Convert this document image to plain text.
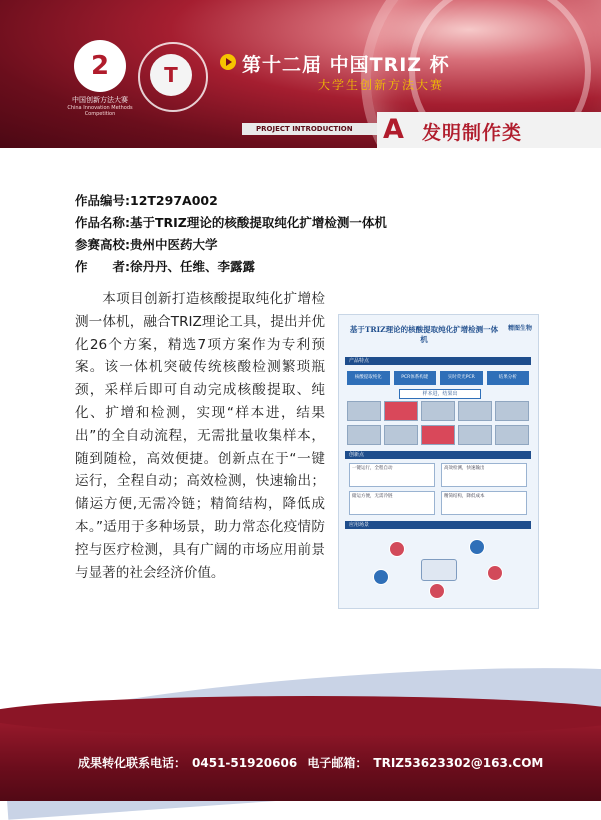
2
中国创新方法大赛
China Innovation Methods Competition
T	第十二届 中国TRIZ 杯
大学生创新方法大赛
PROJECT INTRODUCTION	A 发明制作类
作品编号:12T297A002
作品名称:基于TRIZ理论的核酸提取纯化扩增检测一体机
参赛高校:贵州中医药大学
作　　者:徐丹丹、任维、李露露
本项目创新打造核酸提取纯化扩增检测一体机，融合TRIZ理论工具，提出并优化26个方案，精选7项方案作为专利预案。该一体机突破传统核酸检测繁琐瓶颈，采样后即可自动完成核酸提取、纯化、扩增和检测，实现“样本进，结果出”的全自动流程，无需批量收集样本，随到随检，高效便捷。创新点在于“一键运行，全程自动；高效检测，快速输出；储运方便,无需冷链；精简结构，降低成本。”适用于多种场景，助力常态化疫情防控与医疗检测，具有广阔的市场应用前景与显著的社会经济价值。
基于TRIZ理论的核酸提取纯化扩增检测一体机
精图生物
产品特点
核酸提取纯化	PCR体系构建	实时荧光PCR	结果分析
样本进，结果出
创新点
一键运行，全程自动	高效检测，快速输出
储运方便，无需冷链	精简结构，降低成本
应用场景
成果转化联系电话： 0451-51920606 电子邮箱： TRIZ53623302@163.COM
